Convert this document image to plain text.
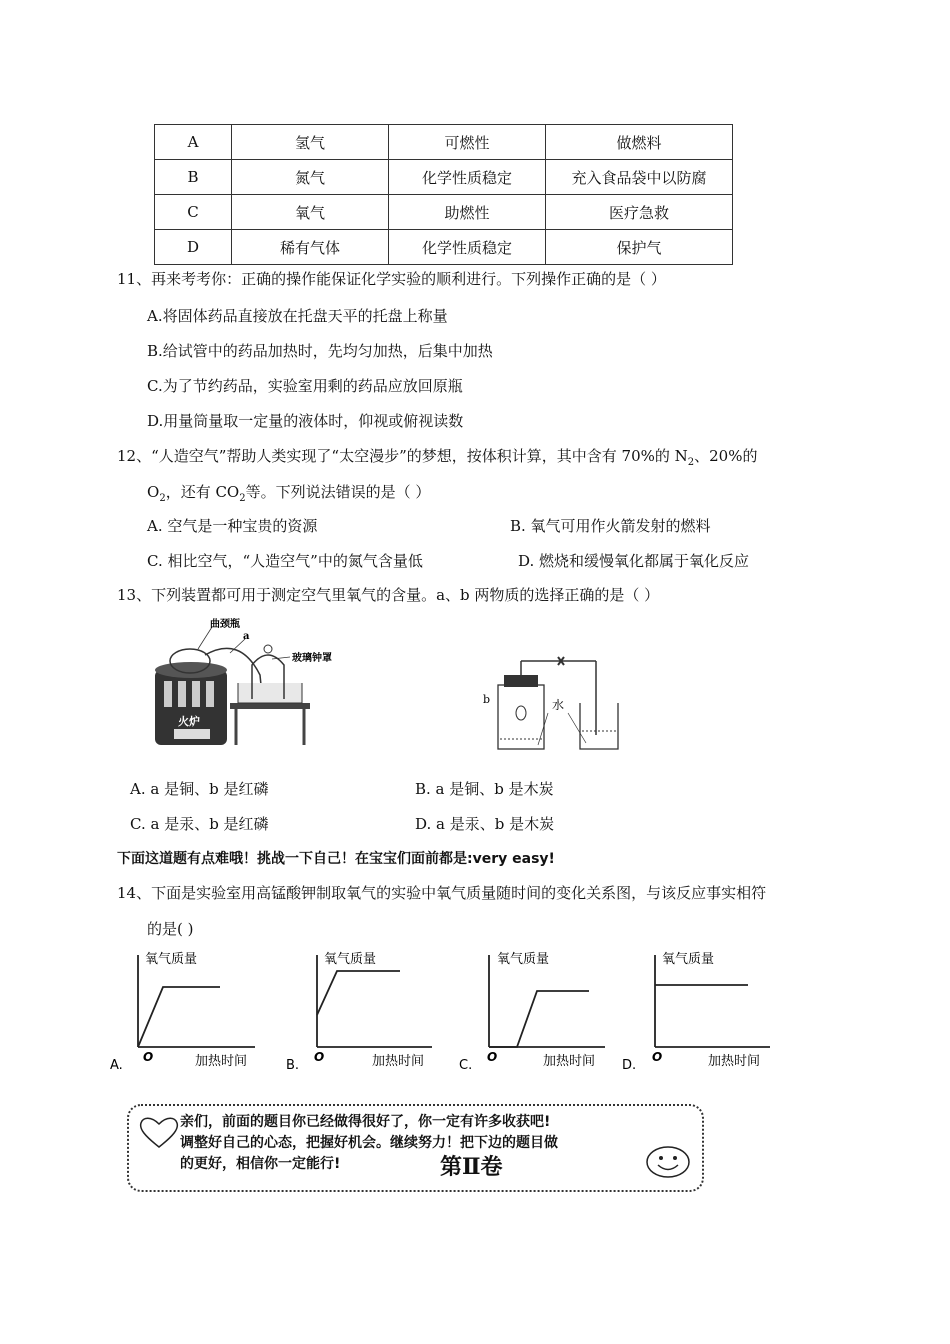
A	氢气	可燃性	做燃料
B	氮气	化学性质稳定	充入食品袋中以防腐
C	氧气	助燃性	医疗急救
D	稀有气体	化学性质稳定	保护气
11、再来考考你：正确的操作能保证化学实验的顺利进行。下列操作正确的是（ ）
A.将固体药品直接放在托盘天平的托盘上称量
B.给试管中的药品加热时，先均匀加热，后集中加热
C.为了节约药品，实验室用剩的药品应放回原瓶
D.用量筒量取一定量的液体时，仰视或俯视读数
12、“人造空气”帮助人类实现了“太空漫步”的梦想，按体积计算，其中含有 70%的 $N_2$、20%的
$O_2$，还有 $CO_2$等。下列说法错误的是（ ）
A. 空气是一种宝贵的资源	B. 氧气可用作火箭发射的燃料
C. 相比空气，“人造空气”中的氮气含量低	D. 燃烧和缓慢氧化都属于氧化反应
13、下列装置都可用于测定空气里氧气的含量。a、b 两物质的选择正确的是（ ）
曲颈瓶
a
玻璃钟罩
火炉
b	水
A. a 是铜、b 是红磷	B. a 是铜、b 是木炭
C. a 是汞、b 是红磷	D. a 是汞、b 是木炭
下面这道题有点难哦！挑战一下自己！在宝宝们面前都是:very easy!
14、下面是实验室用高锰酸钾制取氧气的实验中氧气质量随时间的变化关系图，与该反应事实相符
的是( )
氧气质量
加热时间
O
A.
氧气质量
加热时间
O
B.
氧气质量
加热时间
O
C.
氧气质量
加热时间
O
D.
亲们，前面的题目你已经做得很好了，你一定有许多收获吧!
调整好自己的心态，把握好机会。继续努力！把下边的题目做
的更好，相信你一定能行!	第Ⅱ卷
